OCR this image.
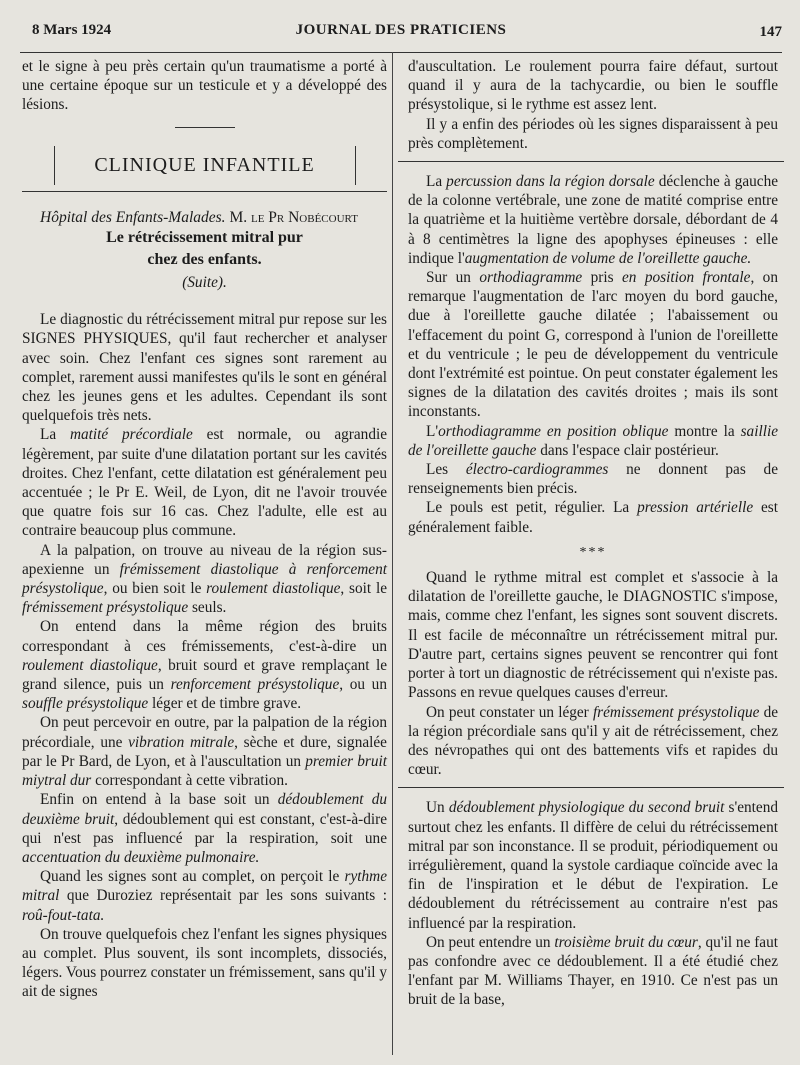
8 Mars 1924	JOURNAL DES PRATICIENS	147

et le signe à peu près certain qu'un traumatisme a porté à une certaine époque sur un testicule et y a développé des lésions.

CLINIQUE INFANTILE

Hôpital des Enfants-Malades. M. le Pr Nobécourt

Le rétrécissement mitral pur
chez des enfants.
(Suite).

Le diagnostic du rétrécissement mitral pur repose sur les SIGNES PHYSIQUES, qu'il faut rechercher et analyser avec soin. Chez l'enfant ces signes sont rarement au complet, rarement aussi manifestes qu'ils le sont en général chez les jeunes gens et les adultes. Cependant ils sont quelquefois très nets.

La matité précordiale est normale, ou agrandie légèrement, par suite d'une dilatation portant sur les cavités droites. Chez l'enfant, cette dilatation est généralement peu accentuée ; le Pr E. Weil, de Lyon, dit ne l'avoir trouvée que quatre fois sur 16 cas. Chez l'adulte, elle est au contraire beaucoup plus commune.

A la palpation, on trouve au niveau de la région sus-apexienne un frémissement diastolique à renforcement présystolique, ou bien soit le roulement diastolique, soit le frémissement présystolique seuls.

On entend dans la même région des bruits correspondant à ces frémissements, c'est-à-dire un roulement diastolique, bruit sourd et grave remplaçant le grand silence, puis un renforcement présystolique, ou un souffle présystolique léger et de timbre grave.

On peut percevoir en outre, par la palpation de la région précordiale, une vibration mitrale, sèche et dure, signalée par le Pr Bard, de Lyon, et à l'auscultation un premier bruit miytral dur correspondant à cette vibration.

Enfin on entend à la base soit un dédoublement du deuxième bruit, dédoublement qui est constant, c'est-à-dire qui n'est pas influencé par la respiration, soit une accentuation du deuxième pulmonaire.

Quand les signes sont au complet, on perçoit le rythme mitral que Duroziez représentait par les sons suivants : roû-fout-tata.

On trouve quelquefois chez l'enfant les signes physiques au complet. Plus souvent, ils sont incomplets, dissociés, légers. Vous pourrez constater un frémissement, sans qu'il y ait de signes

d'auscultation. Le roulement pourra faire défaut, surtout quand il y aura de la tachycardie, ou bien le souffle présystolique, si le rythme est assez lent.

Il y a enfin des périodes où les signes disparaissent à peu près complètement.

La percussion dans la région dorsale déclenche à gauche de la colonne vertébrale, une zone de matité comprise entre la quatrième et la huitième vertèbre dorsale, débordant de 4 à 8 centimètres la ligne des apophyses épineuses : elle indique l'augmentation de volume de l'oreillette gauche.

Sur un orthodiagramme pris en position frontale, on remarque l'augmentation de l'arc moyen du bord gauche, due à l'oreillette gauche dilatée ; l'abaissement ou l'effacement du point G, correspond à l'union de l'oreillette et du ventricule ; le peu de développement du ventricule dont l'extrémité est pointue. On peut constater également les signes de la dilatation des cavités droites ; mais ils sont inconstants.

L'orthodiagramme en position oblique montre la saillie de l'oreillette gauche dans l'espace clair postérieur.

Les électro-cardiogrammes ne donnent pas de renseignements bien précis.

Le pouls est petit, régulier. La pression artérielle est généralement faible.

***

Quand le rythme mitral est complet et s'associe à la dilatation de l'oreillette gauche, le DIAGNOSTIC s'impose, mais, comme chez l'enfant, les signes sont souvent discrets. Il est facile de méconnaître un rétrécissement mitral pur. D'autre part, certains signes peuvent se rencontrer qui font porter à tort un diagnostic de rétrécissement qui n'existe pas. Passons en revue quelques causes d'erreur.

On peut constater un léger frémissement présystolique de la région précordiale sans qu'il y ait de rétrécissement, chez des névropathes qui ont des battements vifs et rapides du cœur.

Un dédoublement physiologique du second bruit s'entend surtout chez les enfants. Il diffère de celui du rétrécissement mitral par son inconstance. Il se produit, périodiquement ou irrégulièrement, quand la systole cardiaque coïncide avec la fin de l'inspiration et le début de l'expiration. Le dédoublement du rétrécissement au contraire n'est pas influencé par la respiration.

On peut entendre un troisième bruit du cœur, qu'il ne faut pas confondre avec ce dédoublement. Il a été étudié chez l'enfant par M. Williams Thayer, en 1910. Ce n'est pas un bruit de la base,
